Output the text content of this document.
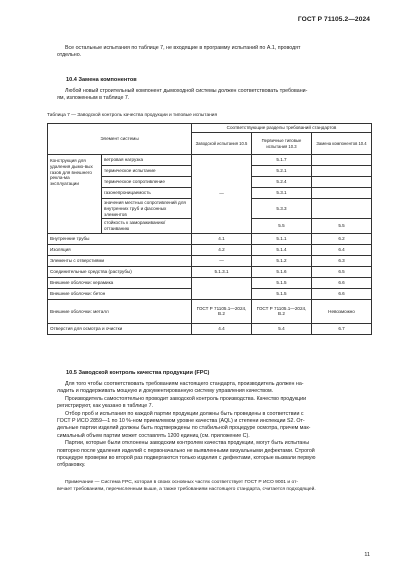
ГОСТ Р 71105.2—2024
Все остальные испытания по таблице 7, не входящие в программу испытаний по А.1, проводят
отдельно.
10.4 Замена компонентов
Любой новый строительный компонент дымоходной системы должен соответствовать требовани-
ям, изложенным в таблице 7.
Таблица 7 — Заводской контроль качества продукции и типовые испытания
Элемент системы		Соответствующие разделы требований стандартов		
		Заводской испытания 10.5	Первичные типовые испытания 10.3	Замена компонентов 10.4
Конструкция для удаления дымо-вых газов для внешнего рекла-ма эксплуатации	ветровая нагрузка	—	5.1.7	
	термическое испытание		5.2.1	
	термическое сопротивление		5.2.4	
	газонепроницаемость		5.3.1	
	значения местных сопротивлений для внутренних труб и фасонных элементов		5.3.3	
	стойкость к замораживанию/оттаиванию		5.5	5.5
Внутренние трубы		4.1	5.1.1	6.2
Изоляция		4.2	5.1.4	6.4
Элементы с отверстиями		—	5.1.2	6.3
Соединительные средства (раструбы)		5.1.3.1	5.1.6	6.5
Внешние оболочки: керамика			5.1.5	6.6
Внешние оболочки: бетон			5.1.5	6.6
Внешние оболочки: металл		ГОСТ Р 71105.1—2024, В.2	ГОСТ Р 71105.1—2024, В.2	Невозможно
Отверстия для осмотра и очистки		4.4	5.4	6.7
10.5 Заводской контроль качества продукции (FPC)
Для того чтобы соответствовать требованиям настоящего стандарта, производитель должен на-
ладить и поддерживать мощную и документированную систему управления качеством.
Производитель самостоятельно проводит заводской контроль производства. Качество продукции
регистрируют, как указано в таблице 7.
Отбор проб и испытания по каждой партии продукции должны быть проведены в соответствии с
ГОСТ Р ИСО 2859—1 по 10 %-ном приемлемом уровне качества (AQL) и степени инспекции S2. От-
дельные партии изделий должны быть подтверждены по стабильной процедуре осмотра, причем мак-
симальный объем партии может составлять 1200 единиц (см. приложение C).
Партии, которые были отклонены заводским контролем качества продукции, могут быть испытаны
повторно после удаления изделий с первоначально не выявленными визуальными дефектами. Строгой
процедуре проверки во второй раз подвергаются только изделия с дефектами, которые вызвали первую
отбраковку.
Примечание — Система FPC, которая в своих основных частях соответствует ГОСТ Р ИСО 9001 и от-
вечает требованиям, перечисленным выше, а также требованиям настоящего стандарта, считается подходящей.
11
